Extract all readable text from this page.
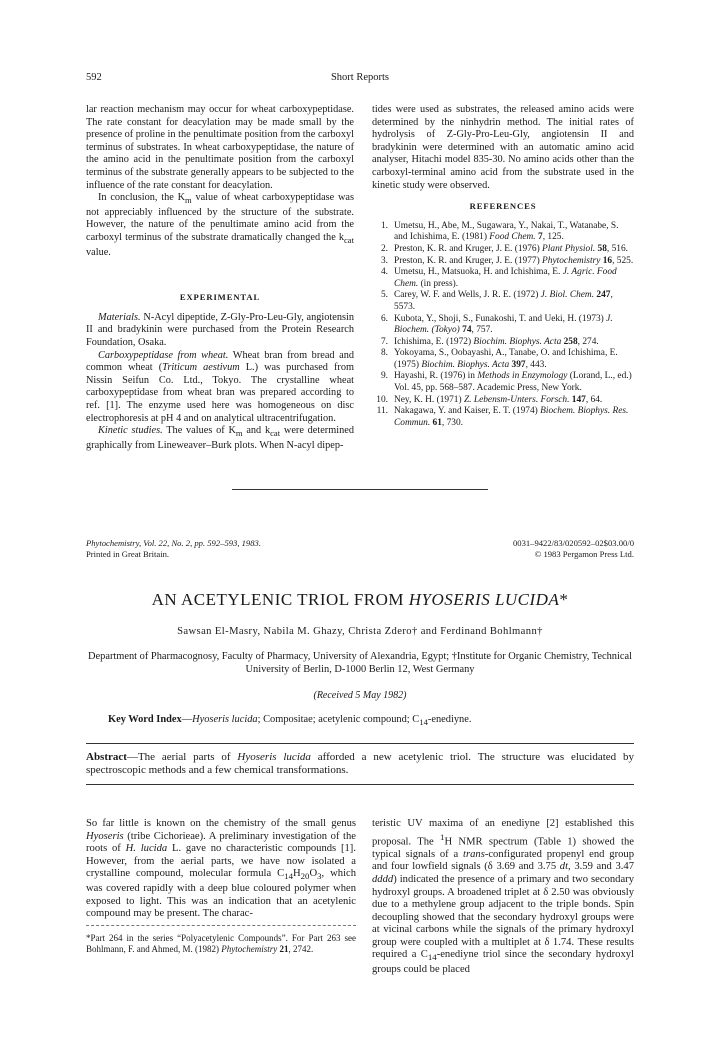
592	Short Reports

lar reaction mechanism may occur for wheat carboxypeptidase. The rate constant for deacylation may be made small by the presence of proline in the penultimate position from the carboxyl terminus of substrates. In wheat carboxypeptidase, the nature of the amino acid in the penultimate position from the carboxyl terminus of the substrate generally appears to be subjected to the influence of the rate constant for deacylation.

In conclusion, the $K_m$ value of wheat carboxypeptidase was not appreciably influenced by the structure of the substrate. However, the nature of the penultimate amino acid from the carboxyl terminus of the substrate dramatically changed the $k_{cat}$ value.

EXPERIMENTAL

Materials. N-Acyl dipeptide, Z-Gly-Pro-Leu-Gly, angiotensin II and bradykinin were purchased from the Protein Research Foundation, Osaka.

Carboxypeptidase from wheat. Wheat bran from bread and common wheat (Triticum aestivum L.) was purchased from Nissin Seifun Co. Ltd., Tokyo. The crystalline wheat carboxypeptidase from wheat bran was prepared according to ref. [1]. The enzyme used here was homogeneous on disc electrophoresis at pH 4 and on analytical ultracentrifugation.

Kinetic studies. The values of $K_m$ and $k_{cat}$ were determined graphically from Lineweaver–Burk plots. When N-acyl dipep-

tides were used as substrates, the released amino acids were determined by the ninhydrin method. The initial rates of hydrolysis of Z-Gly-Pro-Leu-Gly, angiotensin II and bradykinin were determined with an automatic amino acid analyser, Hitachi model 835-30. No amino acids other than the carboxyl-terminal amino acid from the substrate used in the kinetic study were observed.

REFERENCES
1. Umetsu, H., Abe, M., Sugawara, Y., Nakai, T., Watanabe, S. and Ichishima, E. (1981) Food Chem. 7, 125.
2. Preston, K. R. and Kruger, J. E. (1976) Plant Physiol. 58, 516.
3. Preston, K. R. and Kruger, J. E. (1977) Phytochemistry 16, 525.
4. Umetsu, H., Matsuoka, H. and Ichishima, E. J. Agric. Food Chem. (in press).
5. Carey, W. F. and Wells, J. R. E. (1972) J. Biol. Chem. 247, 5573.
6. Kubota, Y., Shoji, S., Funakoshi, T. and Ueki, H. (1973) J. Biochem. (Tokyo) 74, 757.
7. Ichishima, E. (1972) Biochim. Biophys. Acta 258, 274.
8. Yokoyama, S., Oobayashi, A., Tanabe, O. and Ichishima, E. (1975) Biochim. Biophys. Acta 397, 443.
9. Hayashi, R. (1976) in Methods in Enzymology (Lorand, L., ed.) Vol. 45, pp. 568–587. Academic Press, New York.
10. Ney, K. H. (1971) Z. Lebensm-Unters. Forsch. 147, 64.
11. Nakagawa, Y. and Kaiser, E. T. (1974) Biochem. Biophys. Res. Commun. 61, 730.
Phytochemistry, Vol. 22, No. 2, pp. 592–593, 1983.
Printed in Great Britain.
0031–9422/83/020592–02$03.00/0
© 1983 Pergamon Press Ltd.
AN ACETYLENIC TRIOL FROM HYOSERIS LUCIDA*
Sawsan El-Masry, Nabila M. Ghazy, Christa Zdero† and Ferdinand Bohlmann†
Department of Pharmacognosy, Faculty of Pharmacy, University of Alexandria, Egypt; †Institute for Organic Chemistry, Technical University of Berlin, D-1000 Berlin 12, West Germany
(Received 5 May 1982)
Key Word Index—Hyoseris lucida; Compositae; acetylenic compound; $C_{14}$-enediyne.
Abstract—The aerial parts of Hyoseris lucida afforded a new acetylenic triol. The structure was elucidated by spectroscopic methods and a few chemical transformations.

So far little is known on the chemistry of the small genus Hyoseris (tribe Cichorieae). A preliminary investigation of the roots of H. lucida L. gave no characteristic compounds [1]. However, from the aerial parts, we have now isolated a crystalline compound, molecular formula $C_{14}H_{20}O_3$, which was covered rapidly with a deep blue coloured polymer when exposed to light. This was an indication that an acetylenic compound may be present. The charac-

teristic UV maxima of an enediyne [2] established this proposal. The $^1$H NMR spectrum (Table 1) showed the typical signals of a trans-configurated propenyl end group and four lowfield signals (δ 3.69 and 3.75 dt, 3.59 and 3.47 dddd) indicated the presence of a primary and two secondary hydroxyl groups. A broadened triplet at δ 2.50 was obviously due to a methylene group adjacent to the triple bonds. Spin decoupling showed that the secondary hydroxyl groups were at vicinal carbons while the signals of the primary hydroxyl group were coupled with a multiplet at δ 1.74. These results required a $C_{14}$-enediyne triol since the secondary hydroxyl groups could be placed

*Part 264 in the series “Polyacetylenic Compounds”. For Part 263 see Bohlmann, F. and Ahmed, M. (1982) Phytochemistry 21, 2742.
